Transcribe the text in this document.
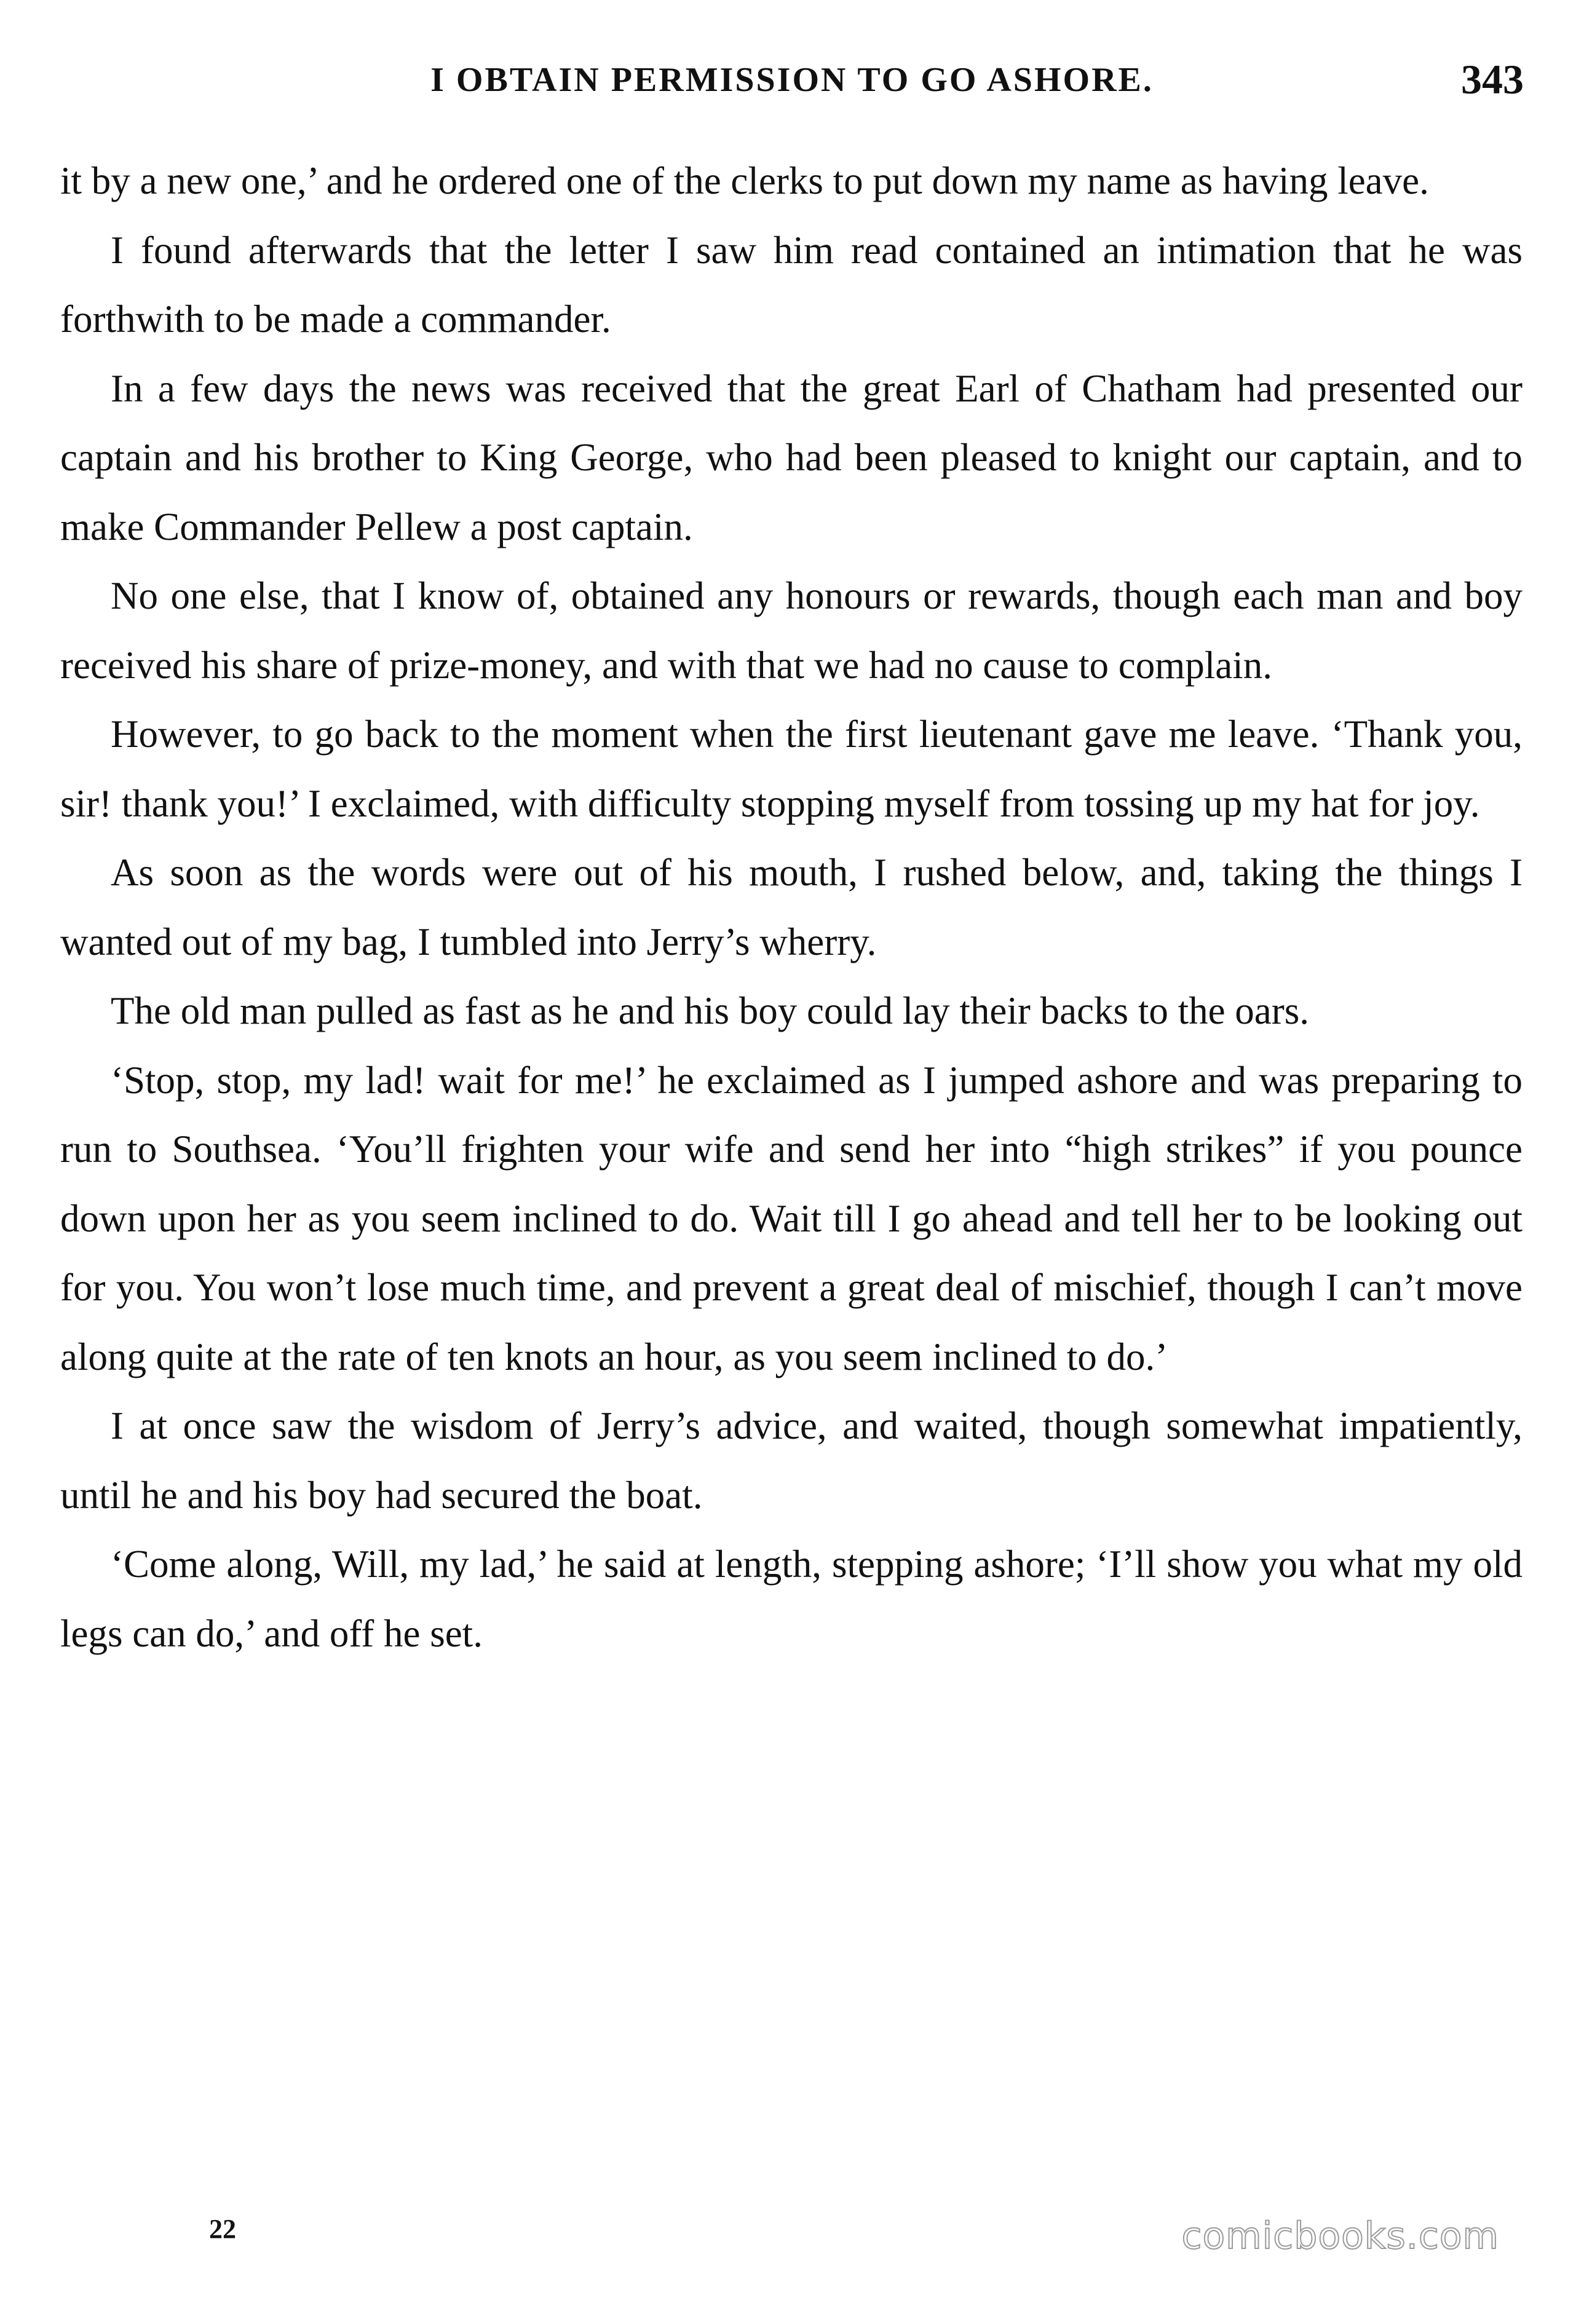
I OBTAIN PERMISSION TO GO ASHORE.	343

it by a new one,’ and he ordered one of the clerks to put down my name as having leave.

I found afterwards that the letter I saw him read contained an intimation that he was forthwith to be made a commander.

In a few days the news was received that the great Earl of Chatham had presented our captain and his brother to King George, who had been pleased to knight our captain, and to make Commander Pellew a post captain.

No one else, that I know of, obtained any honours or rewards, though each man and boy received his share of prize-money, and with that we had no cause to complain.

However, to go back to the moment when the first lieutenant gave me leave. ‘Thank you, sir! thank you!’ I exclaimed, with difficulty stopping myself from tossing up my hat for joy.

As soon as the words were out of his mouth, I rushed below, and, taking the things I wanted out of my bag, I tumbled into Jerry’s wherry.

The old man pulled as fast as he and his boy could lay their backs to the oars.

‘Stop, stop, my lad! wait for me!’ he exclaimed as I jumped ashore and was preparing to run to Southsea. ‘You’ll frighten your wife and send her into “high strikes” if you pounce down upon her as you seem inclined to do. Wait till I go ahead and tell her to be looking out for you. You won’t lose much time, and prevent a great deal of mischief, though I can’t move along quite at the rate of ten knots an hour, as you seem inclined to do.’

I at once saw the wisdom of Jerry’s advice, and waited, though somewhat impatiently, until he and his boy had secured the boat.

‘Come along, Will, my lad,’ he said at length, stepping ashore; ‘I’ll show you what my old legs can do,’ and off he set.

22	comicbooks.com
